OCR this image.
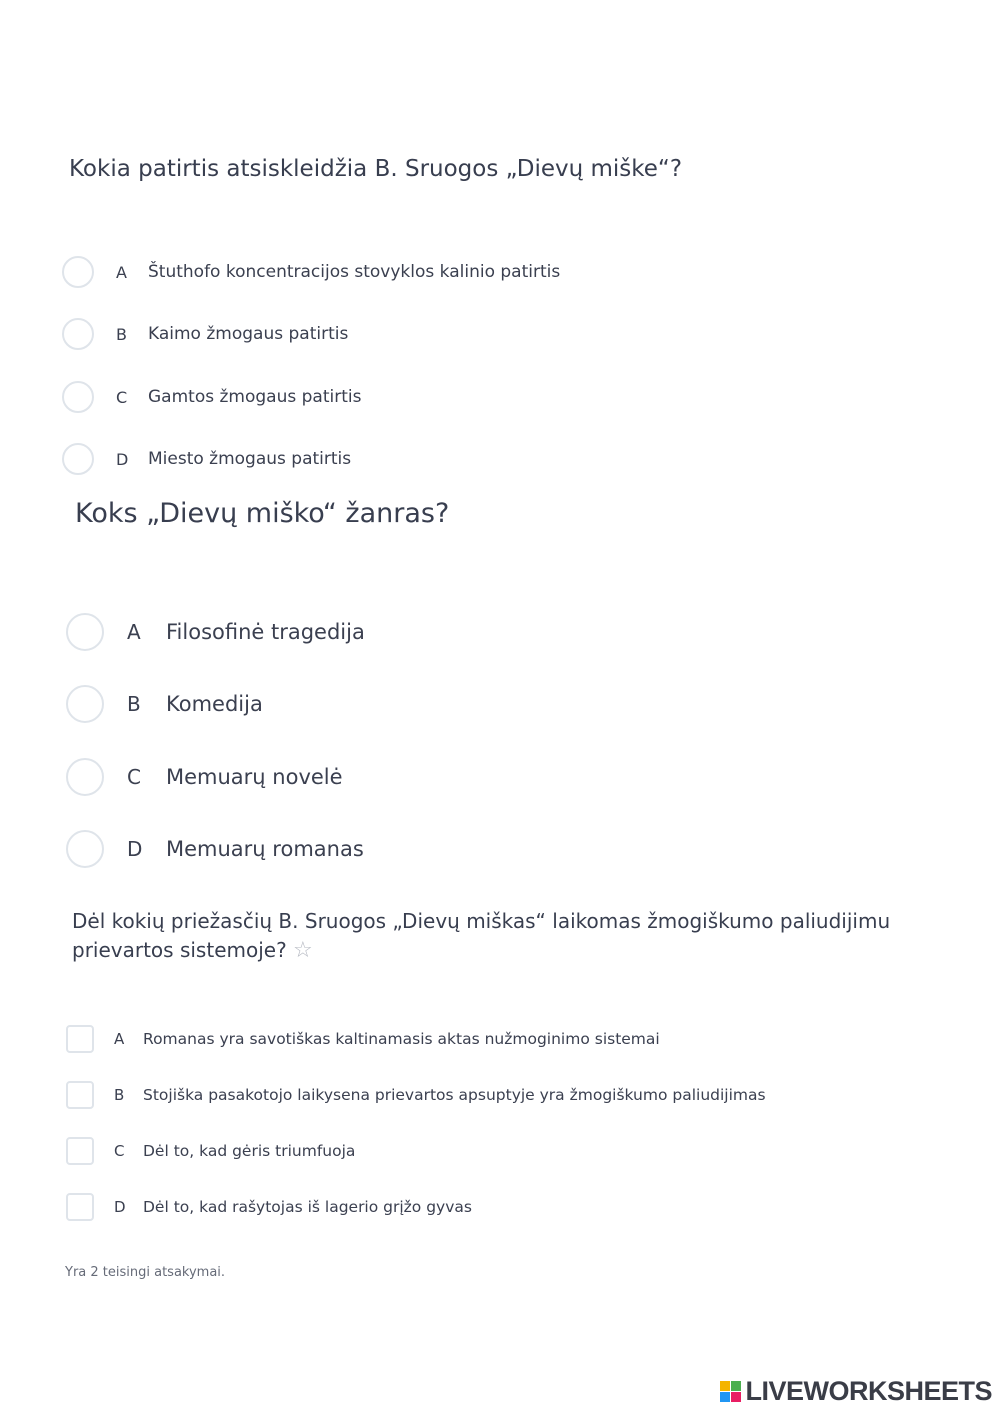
Kokia patirtis atsiskleidžia B. Sruogos „Dievų miške“?
A	Štuthofo koncentracijos stovyklos kalinio patirtis
B	Kaimo žmogaus patirtis
C	Gamtos žmogaus patirtis
D	Miesto žmogaus patirtis
Koks „Dievų miško“ žanras?
A	Filosofinė tragedija
B	Komedija
C	Memuarų novelė
D	Memuarų romanas
Dėl kokių priežasčių B. Sruogos „Dievų miškas“ laikomas žmogiškumo paliudijimu
prievartos sistemoje? ☆
A	Romanas yra savotiškas kaltinamasis aktas nužmoginimo sistemai
B	Stojiška pasakotojo laikysena prievartos apsuptyje yra žmogiškumo paliudijimas
C	Dėl to, kad gėris triumfuoja
D	Dėl to, kad rašytojas iš lagerio grįžo gyvas
Yra 2 teisingi atsakymai.
LIVEWORKSHEETS
